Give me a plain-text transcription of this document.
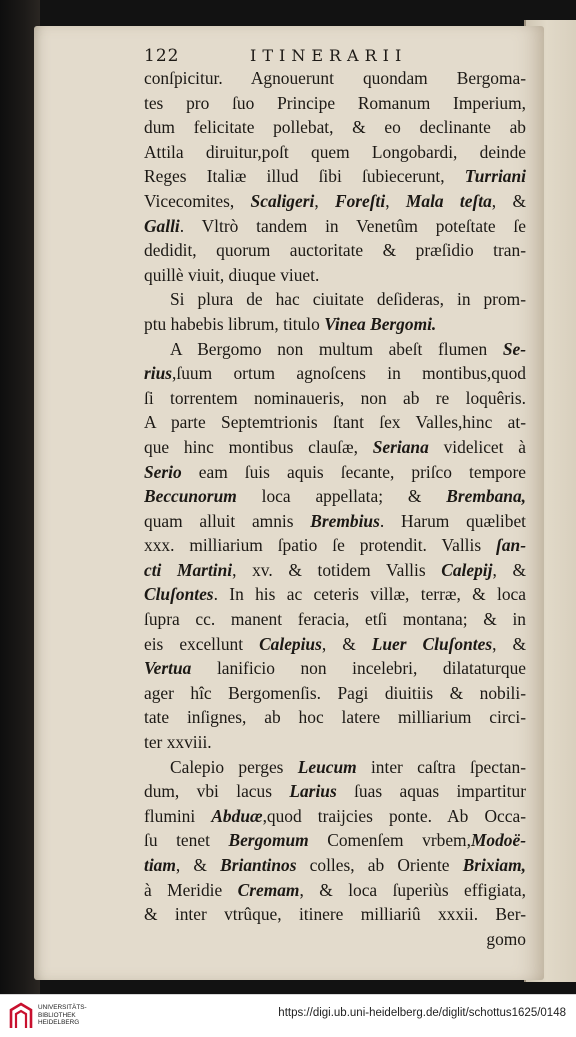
122	ITINERARII
conſpicitur. Agnouerunt quondam Bergoma-
tes pro ſuo Principe Romanum Imperium,
dum felicitate pollebat, & eo declinante ab
Attila diruitur,poſt quem Longobardi, deinde
Reges Italiæ illud ſibi ſubiecerunt, Turriani
Vicecomites, Scaligeri, Foreſti, Mala teſta, &
Galli. Vltrò tandem in Venetûm poteſtate ſe
dedidit, quorum auctoritate & præſidio tran-
quillè viuit, diuque viuet.
Si plura de hac ciuitate deſideras, in prom-
ptu habebis librum, titulo Vinea Bergomi.
A Bergomo non multum abeſt flumen Se-
rius,ſuum ortum agnoſcens in montibus,quod
ſi torrentem nominaueris, non ab re loquêris.
A parte Septemtrionis ſtant ſex Valles,hinc at-
que hinc montibus clauſæ, Seriana videlicet à
Serio eam ſuis aquis ſecante, priſco tempore
Beccunorum loca appellata; & Brembana,
quam alluit amnis Brembius. Harum quælibet
xxx. milliarium ſpatio ſe protendit. Vallis ſan-
cti Martini, xv. & totidem Vallis Calepij, &
Cluſontes. In his ac ceteris villæ, terræ, & loca
ſupra cc. manent feracia, etſi montana; & in
eis excellunt Calepius, & Luer Cluſontes, &
Vertua lanificio non incelebri, dilataturque
ager hîc Bergomenſis. Pagi diuitiis & nobili-
tate inſignes, ab hoc latere milliarium circi-
ter xxviii.
Calepio perges Leucum inter caſtra ſpectan-
dum, vbi lacus Larius ſuas aquas impartitur
flumini Abduæ,quod traijcies ponte. Ab Occa-
ſu tenet Bergomum Comenſem vrbem,Modoë-
tiam, & Briantinos colles, ab Oriente Brixiam,
à Meridie Cremam, & loca ſuperiùs effigiata,
& inter vtrûque, itinere milliariû xxxii. Ber-
gomo
UNIVERSITÄTS-
BIBLIOTHEK
HEIDELBERG
https://digi.ub.uni-heidelberg.de/diglit/schottus1625/0148
